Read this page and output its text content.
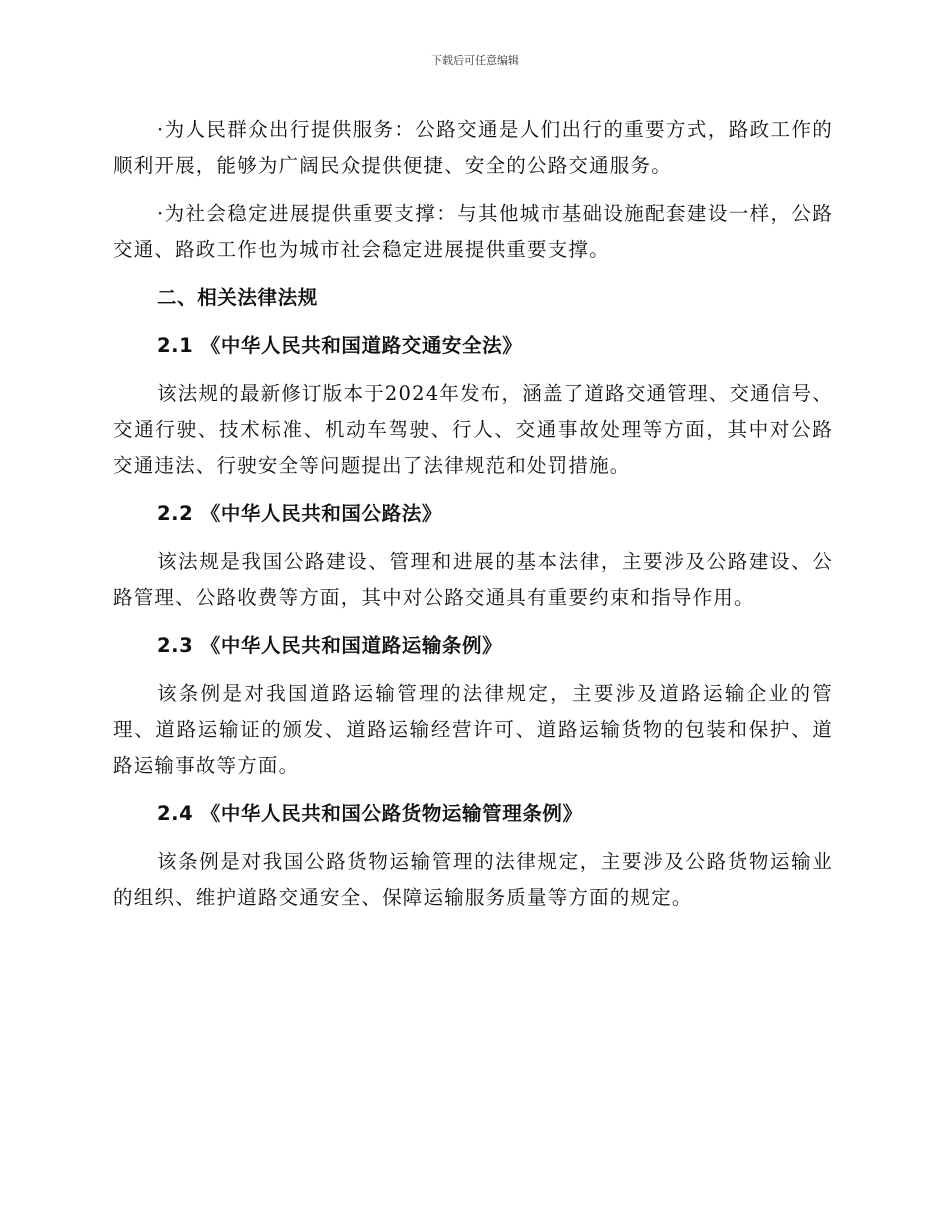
下载后可任意编辑

·为人民群众出行提供服务：公路交通是人们出行的重要方式，路政工作的顺利开展，能够为广阔民众提供便捷、安全的公路交通服务。

·为社会稳定进展提供重要支撑：与其他城市基础设施配套建设一样，公路交通、路政工作也为城市社会稳定进展提供重要支撑。

二、相关法律法规
2.1 《中华人民共和国道路交通安全法》

该法规的最新修订版本于2024年发布，涵盖了道路交通管理、交通信号、交通行驶、技术标准、机动车驾驶、行人、交通事故处理等方面，其中对公路交通违法、行驶安全等问题提出了法律规范和处罚措施。

2.2 《中华人民共和国公路法》

该法规是我国公路建设、管理和进展的基本法律，主要涉及公路建设、公路管理、公路收费等方面，其中对公路交通具有重要约束和指导作用。

2.3 《中华人民共和国道路运输条例》

该条例是对我国道路运输管理的法律规定，主要涉及道路运输企业的管理、道路运输证的颁发、道路运输经营许可、道路运输货物的包装和保护、道路运输事故等方面。

2.4 《中华人民共和国公路货物运输管理条例》

该条例是对我国公路货物运输管理的法律规定，主要涉及公路货物运输业的组织、维护道路交通安全、保障运输服务质量等方面的规定。
